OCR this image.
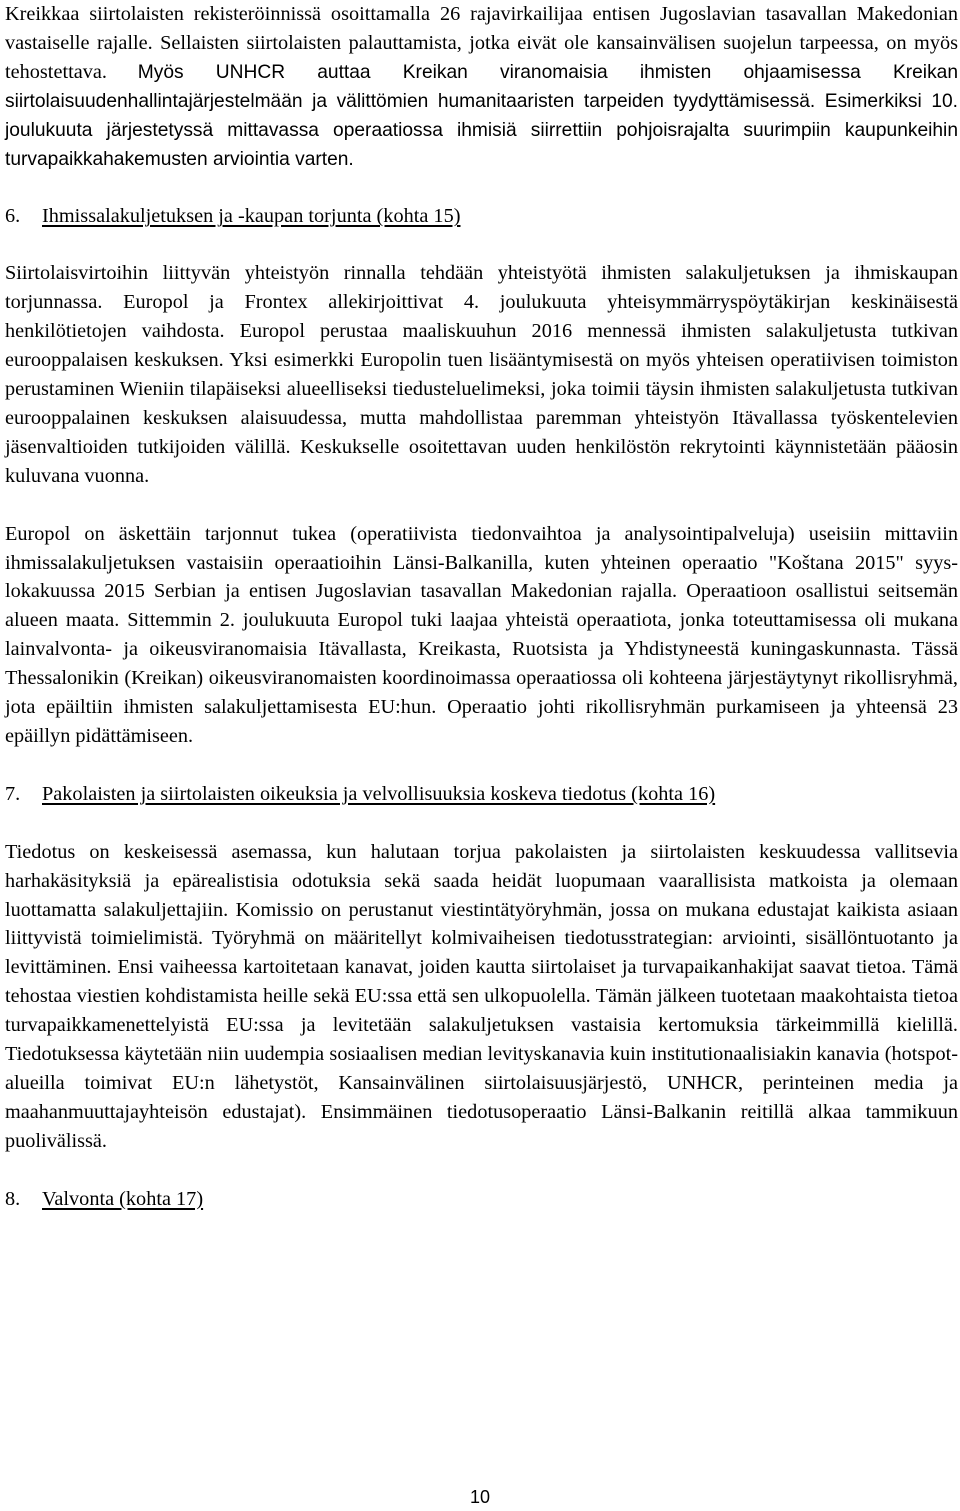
Kreikkaa siirtolaisten rekisteröinnissä osoittamalla 26 rajavirkailijaa entisen Jugoslavian tasavallan Makedonian vastaiselle rajalle. Sellaisten siirtolaisten palauttamista, jotka eivät ole kansainvälisen suojelun tarpeessa, on myös tehostettava. Myös UNHCR auttaa Kreikan viranomaisia ihmisten ohjaamisessa Kreikan siirtolaisuudenhallintajärjestelmään ja välittömien humanitaaristen tarpeiden tyydyttämisessä. Esimerkiksi 10. joulukuuta järjestetyssä mittavassa operaatiossa ihmisiä siirrettiin pohjoisrajalta suurimpiin kaupunkeihin turvapaikkahakemusten arviointia varten.

6.	Ihmissalakuljetuksen ja -kaupan torjunta (kohta 15)

Siirtolaisvirtoihin liittyvän yhteistyön rinnalla tehdään yhteistyötä ihmisten salakuljetuksen ja ihmiskaupan torjunnassa. Europol ja Frontex allekirjoittivat 4. joulukuuta yhteisymmärryspöytäkirjan keskinäisestä henkilötietojen vaihdosta. Europol perustaa maaliskuuhun 2016 mennessä ihmisten salakuljetusta tutkivan eurooppalaisen keskuksen. Yksi esimerkki Europolin tuen lisääntymisestä on myös yhteisen operatiivisen toimiston perustaminen Wieniin tilapäiseksi alueelliseksi tiedusteluelimeksi, joka toimii täysin ihmisten salakuljetusta tutkivan eurooppalainen keskuksen alaisuudessa, mutta mahdollistaa paremman yhteistyön Itävallassa työskentelevien jäsenvaltioiden tutkijoiden välillä. Keskukselle osoitettavan uuden henkilöstön rekrytointi käynnistetään pääosin kuluvana vuonna.

Europol on äskettäin tarjonnut tukea (operatiivista tiedonvaihtoa ja analysointipalveluja) useisiin mittaviin ihmissalakuljetuksen vastaisiin operaatioihin Länsi-Balkanilla, kuten yhteinen operaatio "Koštana 2015" syys-lokakuussa 2015 Serbian ja entisen Jugoslavian tasavallan Makedonian rajalla. Operaatioon osallistui seitsemän alueen maata. Sittemmin 2. joulukuuta Europol tuki laajaa yhteistä operaatiota, jonka toteuttamisessa oli mukana lainvalvonta- ja oikeusviranomaisia Itävallasta, Kreikasta, Ruotsista ja Yhdistyneestä kuningaskunnasta. Tässä Thessalonikin (Kreikan) oikeusviranomaisten koordinoimassa operaatiossa oli kohteena järjestäytynyt rikollisryhmä, jota epäiltiin ihmisten salakuljettamisesta EU:hun. Operaatio johti rikollisryhmän purkamiseen ja yhteensä 23 epäillyn pidättämiseen.

7.	Pakolaisten ja siirtolaisten oikeuksia ja velvollisuuksia koskeva tiedotus (kohta 16)

Tiedotus on keskeisessä asemassa, kun halutaan torjua pakolaisten ja siirtolaisten keskuudessa vallitsevia harhakäsityksiä ja epärealistisia odotuksia sekä saada heidät luopumaan vaarallisista matkoista ja olemaan luottamatta salakuljettajiin. Komissio on perustanut viestintätyöryhmän, jossa on mukana edustajat kaikista asiaan liittyvistä toimielimistä. Työryhmä on määritellyt kolmivaiheisen tiedotusstrategian: arviointi, sisällöntuotanto ja levittäminen. Ensi vaiheessa kartoitetaan kanavat, joiden kautta siirtolaiset ja turvapaikanhakijat saavat tietoa. Tämä tehostaa viestien kohdistamista heille sekä EU:ssa että sen ulkopuolella. Tämän jälkeen tuotetaan maakohtaista tietoa turvapaikkamenettelyistä EU:ssa ja levitetään salakuljetuksen vastaisia kertomuksia tärkeimmillä kielillä. Tiedotuksessa käytetään niin uudempia sosiaalisen median levityskanavia kuin institutionaalisiakin kanavia (hotspot-alueilla toimivat EU:n lähetystöt, Kansainvälinen siirtolaisuusjärjestö, UNHCR, perinteinen media ja maahanmuuttajayhteisön edustajat). Ensimmäinen tiedotusoperaatio Länsi-Balkanin reitillä alkaa tammikuun puolivälissä.

8.	Valvonta (kohta 17)
10
